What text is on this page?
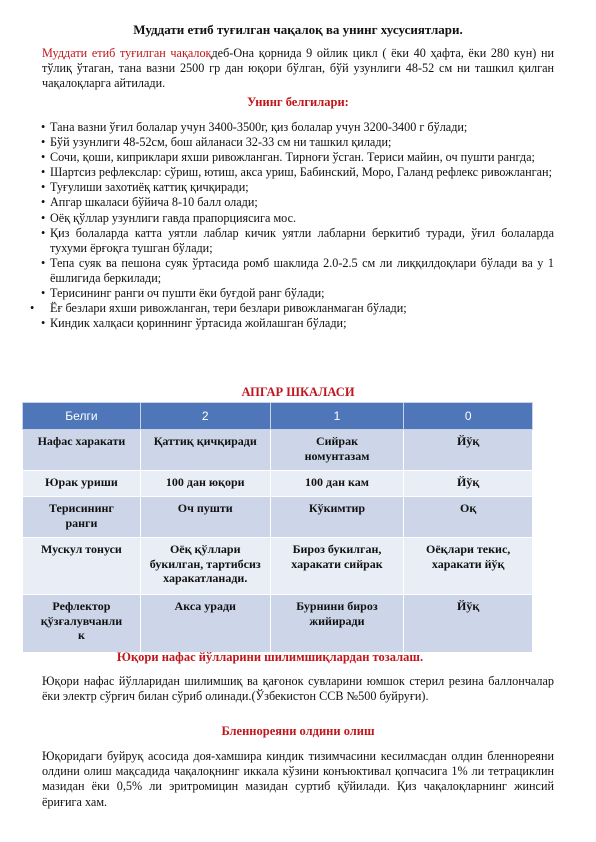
Муддати етиб туғилган чақалоқ ва унинг хусусиятлари.
Муддати етиб туғилган чақалоқдеб-Она қорнида 9 ойлик цикл ( ёки 40 ҳафта, ёки 280 кун) ни тўлиқ ўтаган, тана вазни 2500 гр дан юқори бўлган, бўй узунлиги 48-52 см ни ташкил қилган чақалоқларга айтилади.
Унинг белгилари:
• Тана вазни ўғил болалар учун 3400-3500г, қиз болалар учун 3200-3400 г бўлади;
• Бўй узунлиги 48-52см, бош айланаси 32-33 см ни ташкил қилади;
• Сочи, қоши, киприклари яхши ривожланган. Тирноғи ўсган. Териси майин, оч пушти рангда;
• Шартсиз рефлекслар: сўриш, ютиш, акса уриш, Бабинский, Моро, Галанд рефлекс ривожланган;
• Туғулиши захотиёқ каттиқ қичқиради;
• Апгар шкаласи бўйича 8-10 балл олади;
• Оёқ қўллар узунлиги гавда прапорциясига мос.
• Қиз болаларда катта уятли лаблар кичик уятли лабларни беркитиб туради, ўғил болаларда тухуми ёрғоқга тушган бўлади;
• Тепа суяк ва пешона суяк ўртасида ромб шаклида 2.0-2.5 см ли лиққилдоқлари бўлади ва у 1 ёшлигида беркилади;
• Терисининг ранги оч пушти ёки буғдой ранг бўлади;
• Ёғ безлари яхши ривожланган, тери безлари ривожланмаган бўлади;
• Киндик халқаси қориннинг ўртасида жойлашган бўлади;
АПГАР ШКАЛАСИ
Белги	2	1	0
Нафас харакати	Қаттиқ қичқиради	Сийрак
номунтазам	Йўқ
Юрак уриши	100 дан юқори	100 дан кам	Йўқ
Терисининг
ранги	Оч пушти	Кўкимтир	Оқ
Мускул тонуси	Оёқ қўллари
букилган, тартибсиз
харакатланади.	Бироз букилган,
харакати сийрак	Оёқлари текис,
харакати йўқ
Рефлектор
қўзғалувчанли
к	Акса уради	Бурнини бироз
жийиради	Йўқ
Юқори нафас йўлларини шилимшиқлардан тозалаш.
Юқори нафас йўлларидан шилимшиқ ва қағонок сувларини юмшок стерил резина баллончалар ёки электр сўрғич билан сўриб олинади.(Ўзбекистон ССВ №500 буйруғи).
Бленнореяни олдини олиш
Юқоридаги буйруқ асосида доя-хамшира киндик тизимчасини кесилмасдан олдин бленнореяни олдини олиш мақсадида чақалоқнинг иккала кўзини конъюктивал қопчасига 1% ли тетрациклин мазидан ёки 0,5% ли эритромицин мазидан суртиб қўйилади. Қиз чақалоқларнинг жинсий ёриғига хам.
